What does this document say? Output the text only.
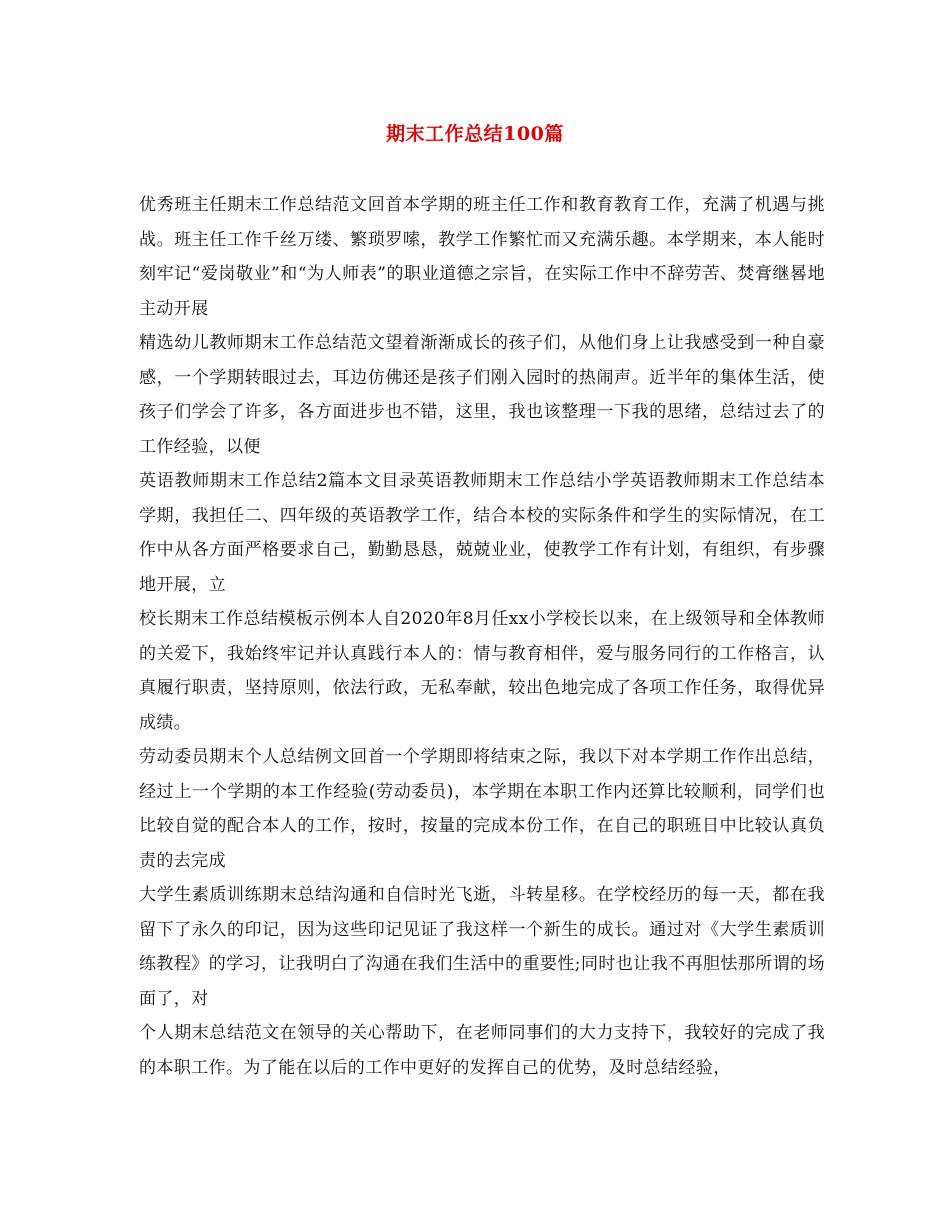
期末工作总结100篇

优秀班主任期末工作总结范文回首本学期的班主任工作和教育教育工作，充满了机遇与挑战。班主任工作千丝万缕、繁琐罗嗦，教学工作繁忙而又充满乐趣。本学期来，本人能时刻牢记“爱岗敬业”和“为人师表”的职业道德之宗旨，在实际工作中不辞劳苦、焚膏继晷地主动开展

精选幼儿教师期末工作总结范文望着渐渐成长的孩子们，从他们身上让我感受到一种自豪感，一个学期转眼过去，耳边仿佛还是孩子们刚入园时的热闹声。近半年的集体生活，使孩子们学会了许多，各方面进步也不错，这里，我也该整理一下我的思绪，总结过去了的工作经验，以便

英语教师期末工作总结2篇本文目录英语教师期末工作总结小学英语教师期末工作总结本学期，我担任二、四年级的英语教学工作，结合本校的实际条件和学生的实际情况，在工作中从各方面严格要求自己，勤勤恳恳，兢兢业业，使教学工作有计划，有组织，有步骤地开展，立

校长期末工作总结模板示例本人自2020年8月任xx小学校长以来，在上级领导和全体教师的关爱下，我始终牢记并认真践行本人的：情与教育相伴，爱与服务同行的工作格言，认真履行职责，坚持原则，依法行政，无私奉献，较出色地完成了各项工作任务，取得优异成绩。

劳动委员期末个人总结例文回首一个学期即将结束之际，我以下对本学期工作作出总结，经过上一个学期的本工作经验(劳动委员)，本学期在本职工作内还算比较顺利，同学们也比较自觉的配合本人的工作，按时，按量的完成本份工作，在自己的职班日中比较认真负责的去完成

大学生素质训练期末总结沟通和自信时光飞逝，斗转星移。在学校经历的每一天，都在我留下了永久的印记，因为这些印记见证了我这样一个新生的成长。通过对《大学生素质训练教程》的学习，让我明白了沟通在我们生活中的重要性;同时也让我不再胆怯那所谓的场面了，对

个人期末总结范文在领导的关心帮助下，在老师同事们的大力支持下，我较好的完成了我的本职工作。为了能在以后的工作中更好的发挥自己的优势，及时总结经验，
